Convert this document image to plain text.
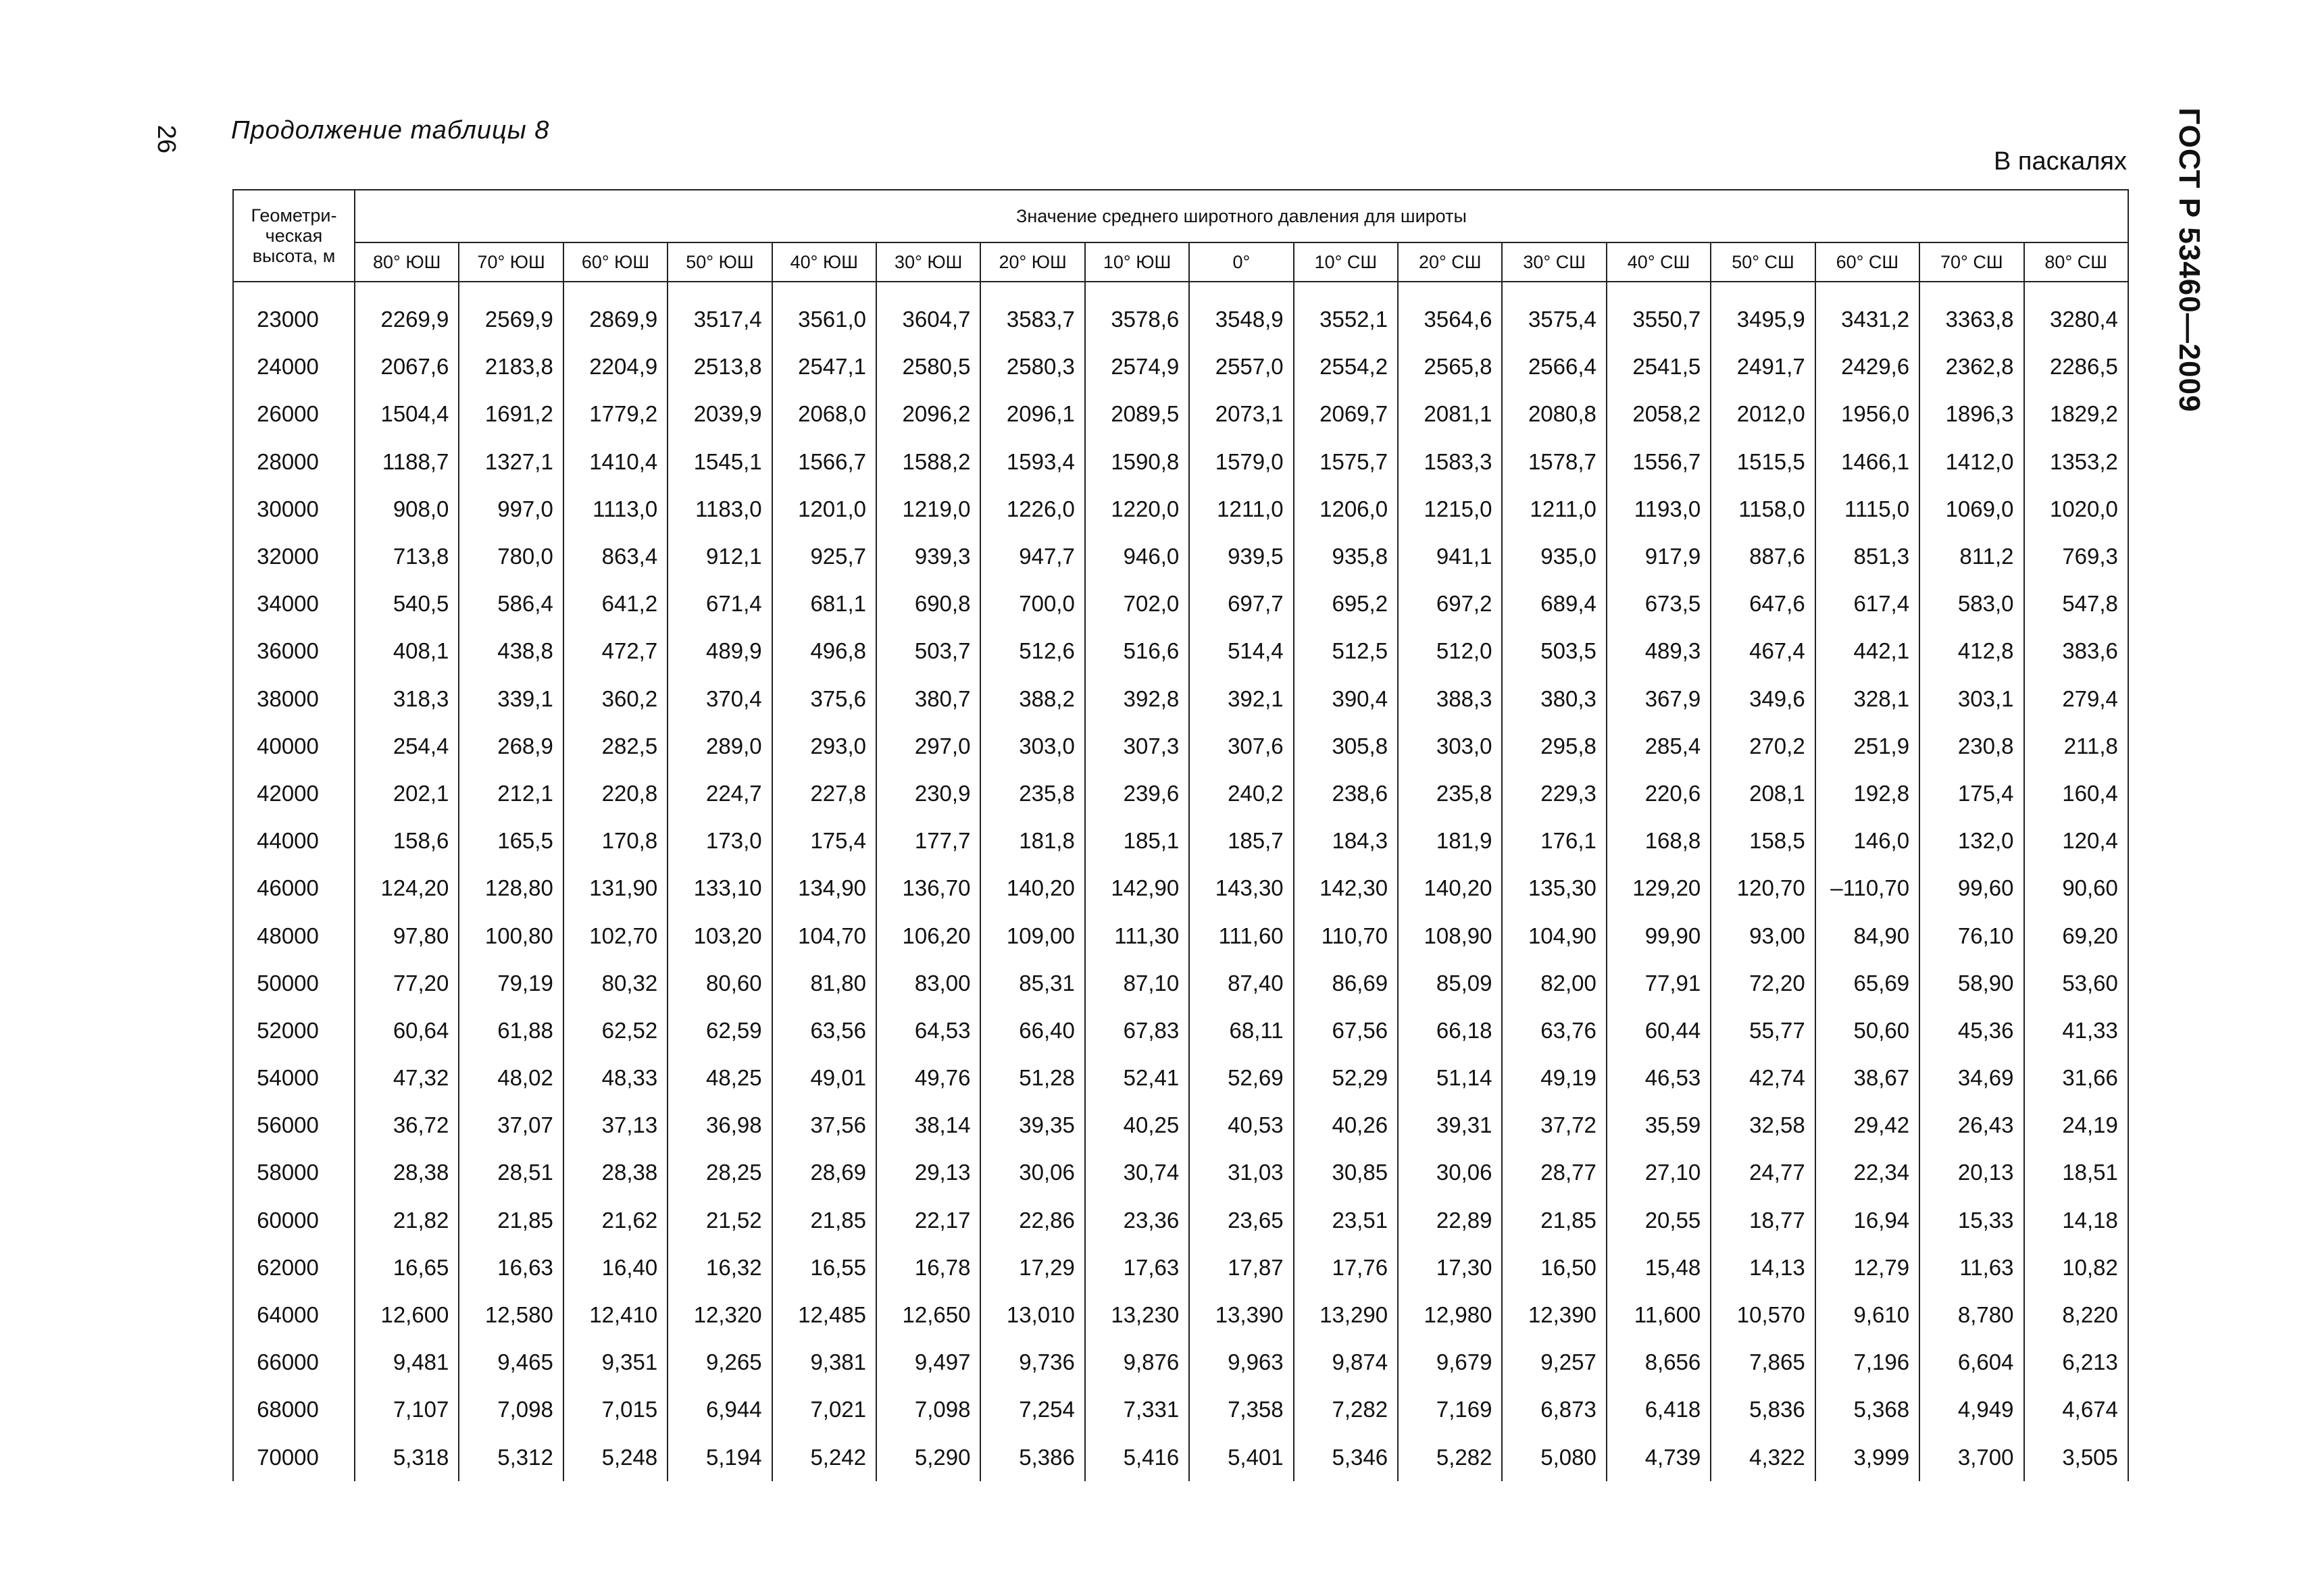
26 Продолжение таблицы 8
В паскалях ГОСТ Р 53460—2009
Геометри-
ческая
высота, м	Значение среднего широтного давления для широты																
	80° ЮШ	70° ЮШ	60° ЮШ	50° ЮШ	40° ЮШ	30° ЮШ	20° ЮШ	10° ЮШ	0°	10° СШ	20° СШ	30° СШ	40° СШ	50° СШ	60° СШ	70° СШ	80° СШ

23000	2269,9	2569,9	2869,9	3517,4	3561,0	3604,7	3583,7	3578,6	3548,9	3552,1	3564,6	3575,4	3550,7	3495,9	3431,2	3363,8	3280,4
24000	2067,6	2183,8	2204,9	2513,8	2547,1	2580,5	2580,3	2574,9	2557,0	2554,2	2565,8	2566,4	2541,5	2491,7	2429,6	2362,8	2286,5
26000	1504,4	1691,2	1779,2	2039,9	2068,0	2096,2	2096,1	2089,5	2073,1	2069,7	2081,1	2080,8	2058,2	2012,0	1956,0	1896,3	1829,2
28000	1188,7	1327,1	1410,4	1545,1	1566,7	1588,2	1593,4	1590,8	1579,0	1575,7	1583,3	1578,7	1556,7	1515,5	1466,1	1412,0	1353,2
30000	908,0	997,0	1113,0	1183,0	1201,0	1219,0	1226,0	1220,0	1211,0	1206,0	1215,0	1211,0	1193,0	1158,0	1115,0	1069,0	1020,0
32000	713,8	780,0	863,4	912,1	925,7	939,3	947,7	946,0	939,5	935,8	941,1	935,0	917,9	887,6	851,3	811,2	769,3
34000	540,5	586,4	641,2	671,4	681,1	690,8	700,0	702,0	697,7	695,2	697,2	689,4	673,5	647,6	617,4	583,0	547,8
36000	408,1	438,8	472,7	489,9	496,8	503,7	512,6	516,6	514,4	512,5	512,0	503,5	489,3	467,4	442,1	412,8	383,6
38000	318,3	339,1	360,2	370,4	375,6	380,7	388,2	392,8	392,1	390,4	388,3	380,3	367,9	349,6	328,1	303,1	279,4
40000	254,4	268,9	282,5	289,0	293,0	297,0	303,0	307,3	307,6	305,8	303,0	295,8	285,4	270,2	251,9	230,8	211,8
42000	202,1	212,1	220,8	224,7	227,8	230,9	235,8	239,6	240,2	238,6	235,8	229,3	220,6	208,1	192,8	175,4	160,4
44000	158,6	165,5	170,8	173,0	175,4	177,7	181,8	185,1	185,7	184,3	181,9	176,1	168,8	158,5	146,0	132,0	120,4
46000	124,20	128,80	131,90	133,10	134,90	136,70	140,20	142,90	143,30	142,30	140,20	135,30	129,20	120,70	–110,70	99,60	90,60
48000	97,80	100,80	102,70	103,20	104,70	106,20	109,00	111,30	111,60	110,70	108,90	104,90	99,90	93,00	84,90	76,10	69,20
50000	77,20	79,19	80,32	80,60	81,80	83,00	85,31	87,10	87,40	86,69	85,09	82,00	77,91	72,20	65,69	58,90	53,60
52000	60,64	61,88	62,52	62,59	63,56	64,53	66,40	67,83	68,11	67,56	66,18	63,76	60,44	55,77	50,60	45,36	41,33
54000	47,32	48,02	48,33	48,25	49,01	49,76	51,28	52,41	52,69	52,29	51,14	49,19	46,53	42,74	38,67	34,69	31,66
56000	36,72	37,07	37,13	36,98	37,56	38,14	39,35	40,25	40,53	40,26	39,31	37,72	35,59	32,58	29,42	26,43	24,19
58000	28,38	28,51	28,38	28,25	28,69	29,13	30,06	30,74	31,03	30,85	30,06	28,77	27,10	24,77	22,34	20,13	18,51
60000	21,82	21,85	21,62	21,52	21,85	22,17	22,86	23,36	23,65	23,51	22,89	21,85	20,55	18,77	16,94	15,33	14,18
62000	16,65	16,63	16,40	16,32	16,55	16,78	17,29	17,63	17,87	17,76	17,30	16,50	15,48	14,13	12,79	11,63	10,82
64000	12,600	12,580	12,410	12,320	12,485	12,650	13,010	13,230	13,390	13,290	12,980	12,390	11,600	10,570	9,610	8,780	8,220
66000	9,481	9,465	9,351	9,265	9,381	9,497	9,736	9,876	9,963	9,874	9,679	9,257	8,656	7,865	7,196	6,604	6,213
68000	7,107	7,098	7,015	6,944	7,021	7,098	7,254	7,331	7,358	7,282	7,169	6,873	6,418	5,836	5,368	4,949	4,674
70000	5,318	5,312	5,248	5,194	5,242	5,290	5,386	5,416	5,401	5,346	5,282	5,080	4,739	4,322	3,999	3,700	3,505
